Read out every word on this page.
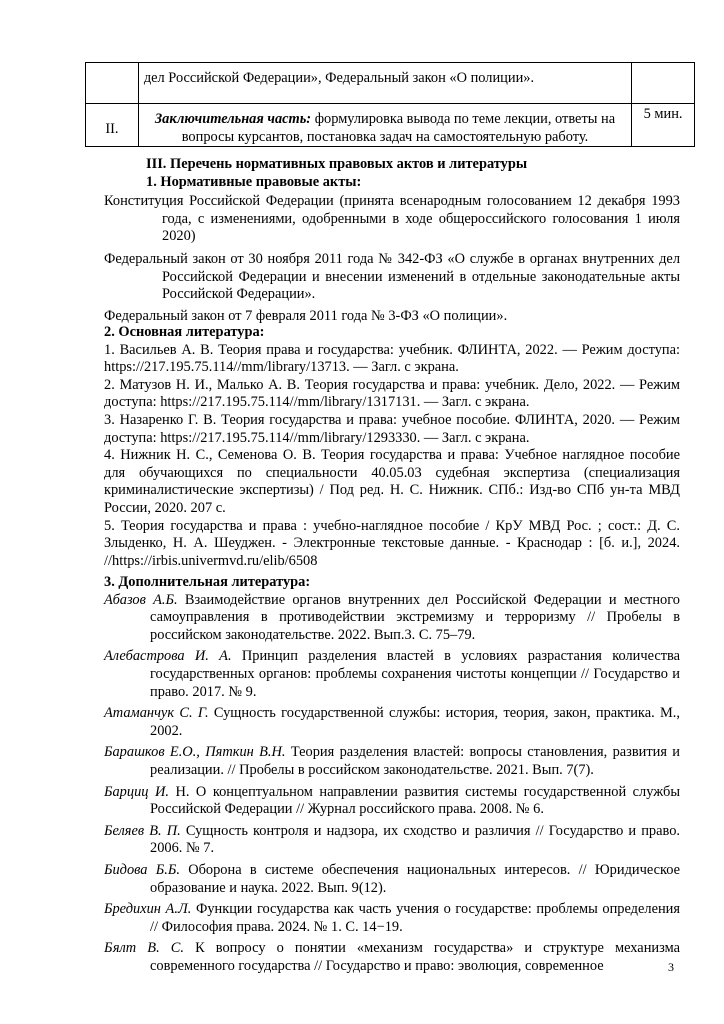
	дел Российской Федерации», Федеральный закон «О полиции».	

II.	Заключительная часть: формулировка вывода по теме лекции, ответы на вопросы курсантов, постановка задач на самостоятельную работу.	5 мин.
III. Перечень нормативных правовых актов и литературы
1. Нормативные правовые акты:
Конституция Российской Федерации (принята всенародным голосованием 12 декабря 1993 года, с изменениями, одобренными в ходе общероссийского голосования 1 июля 2020)
Федеральный закон от 30 ноября 2011 года № 342-ФЗ «О службе в органах внутренних дел Российской Федерации и внесении изменений в отдельные законодательные акты Российской Федерации».
Федеральный закон от 7 февраля 2011 года № 3-ФЗ «О полиции».
2. Основная литература:
1. Васильев А. В. Теория права и государства: учебник. ФЛИНТА, 2022. — Режим доступа: https://217.195.75.114//mm/library/13713. — Загл. с экрана.
2. Матузов Н. И., Малько А. В. Теория государства и права: учебник. Дело, 2022. — Режим доступа: https://217.195.75.114//mm/library/1317131. — Загл. с экрана.
3. Назаренко Г. В. Теория государства и права: учебное пособие. ФЛИНТА, 2020. — Режим доступа: https://217.195.75.114//mm/library/1293330. — Загл. с экрана.
4. Нижник Н. С., Семенова О. В. Теория государства и права: Учебное наглядное пособие для обучающихся по специальности 40.05.03 судебная экспертиза (специализация криминалистические экспертизы) / Под ред. Н. С. Нижник. СПб.: Изд-во СПб ун-та МВД России, 2020. 207 с.
5. Теория государства и права : учебно-наглядное пособие / КрУ МВД Рос. ; сост.: Д. С. Злыденко, Н. А. Шеуджен. - Электронные текстовые данные. - Краснодар : [б. и.], 2024. //https://irbis.univermvd.ru/elib/6508
3. Дополнительная литература:
Абазов А.Б. Взаимодействие органов внутренних дел Российской Федерации и местного самоуправления в противодействии экстремизму и терроризму // Пробелы в российском законодательстве. 2022. Вып.3. С. 75–79.
Алебастрова И. А. Принцип разделения властей в условиях разрастания количества государственных органов: проблемы сохранения чистоты концепции // Государство и право. 2017. № 9.
Атаманчук С. Г. Сущность государственной службы: история, теория, закон, практика. М., 2002.
Барашков Е.О., Пяткин В.Н. Теория разделения властей: вопросы становления, развития и реализации. // Пробелы в российском законодательстве. 2021. Вып. 7(7).
Барциц И. Н. О концептуальном направлении развития системы государственной службы Российской Федерации // Журнал российского права. 2008. № 6.
Беляев В. П. Сущность контроля и надзора, их сходство и различия // Государство и право. 2006. № 7.
Бидова Б.Б. Оборона в системе обеспечения национальных интересов. // Юридическое образование и наука. 2022. Вып. 9(12).
Бредихин А.Л. Функции государства как часть учения о государстве: проблемы определения // Философия права. 2024. № 1. С. 14−19.
Бялт В. С. К вопросу о понятии «механизм государства» и структуре механизма современного государства // Государство и право: эволюция, современное	3
